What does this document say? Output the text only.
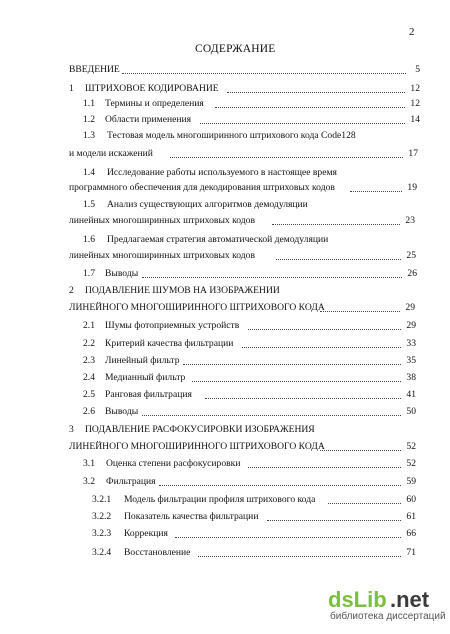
2
СОДЕРЖАНИЕ
ВВЕДЕНИЕ	5
1 ШТРИХОВОЕ КОДИРОВАНИЕ	12
1.1 Термины и определения	12
1.2 Области применения	14
1.3 Тестовая модель многоширинного штрихового кода Code128
и модели искажений	17
1.4 Исследование работы используемого в настоящее время
программного обеспечения для декодирования штриховых кодов	19
1.5 Анализ существующих алгоритмов демодуляции
линейных многоширинных штриховых кодов	23
1.6 Предлагаемая стратегия автоматической демодуляции
линейных многоширинных штриховых кодов	25
1.7 Выводы	26
2 ПОДАВЛЕНИЕ ШУМОВ НА ИЗОБРАЖЕНИИ
ЛИНЕЙНОГО МНОГОШИРИННОГО ШТРИХОВОГО КОДА	29
2.1 Шумы фотоприемных устройств	29
2.2 Критерий качества фильтрации	33
2.3 Линейный фильтр	35
2.4 Медианный фильтр	38
2.5 Ранговая фильтрация	41
2.6 Выводы	50
3 ПОДАВЛЕНИЕ РАСФОКУСИРОВКИ ИЗОБРАЖЕНИЯ
ЛИНЕЙНОГО МНОГОШИРИННОГО ШТРИХОВОГО КОДА	52
3.1 Оценка степени расфокусировки	52
3.2 Фильтрация	59
3.2.1 Модель фильтрации профиля штрихового кода	60
3.2.2 Показатель качества фильтрации	61
3.2.3 Коррекция	66
3.2.4 Восстановление	71
dsLib .net
библиотека диссертаций
